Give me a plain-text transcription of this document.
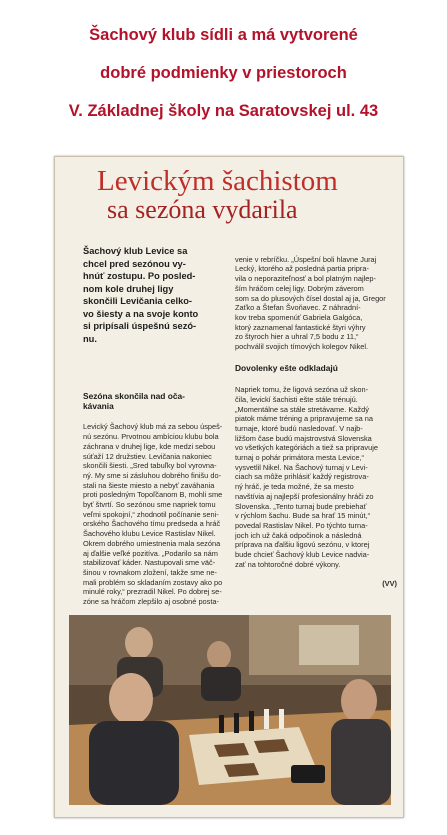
Šachový klub sídli a má vytvorené
dobré podmienky v priestoroch
V. Základnej školy na Saratovskej ul. 43
Levickým šachistom
sa sezóna vydarila
Šachový klub Levice sa
chcel pred sezónou vy-
hnúť zostupu. Po posled-
nom kole druhej ligy
skončili Levičania celko-
vo šiesty a na svoje konto
si pripísali úspešnú sezó-
nu.

Sezóna skončila nad oča-
kávania

Levický Šachový klub má za sebou úspeš-
nú sezónu. Prvotnou ambíciou klubu bola
záchrana v druhej lige, kde medzi sebou
súťaží 12 družstiev. Levičania nakoniec
skončili šiesti. „Sred tabuľky bol vyrovna-
ný. My sme si zásluhou dobrého finišu do-
stali na šieste miesto a nebyť zaváhania
proti posledným Topoľčanom B, mohli sme
byť štvrtí. So sezónou sme napriek tomu
veľmi spokojní,“ zhodnotil počínanie seni-
orského Šachového tímu predseda a hráč
Šachového klubu Levice Rastislav Nikel.
Okrem dobrého umiestnenia mala sezóna
aj ďalšie veľké pozitíva. „Podarilo sa nám
stabilizovať káder. Nastupovali sme väč-
šinou v rovnakom zložení, takže sme ne-
mali problém so skladaním zostavy ako po
minulé roky,“ prezradil Nikel. Po dobrej se-
zóne sa hráčom zlepšilo aj osobné posta-

venie v rebríčku. „Úspešní boli hlavne Juraj
Lecký, ktorého až posledná partia pripra-
vila o neporaziteľnosť a bol platným najlep-
ším hráčom celej ligy. Dobrým záverom
som sa do plusových čísel dostal aj ja, Gregor
Zaťko a Štefan Švoňavec. Z náhradní-
kov treba spomenúť Gabriela Galgóca,
ktorý zaznamenal fantastické štyri výhry
zo štyroch hier a uhral 7,5 bodu z 11,“
pochválil svojich tímových kolegov Nikel.

Dovolenky ešte odkladajú

Napriek tomu, že ligová sezóna už skon-
čila, levickí šachisti ešte stále trénujú.
„Momentálne sa stále stretávame. Každý
piatok máme tréning a pripravujeme sa na
turnaje, ktoré budú nasledovať. V najb-
ližšom čase budú majstrovstvá Slovenska
vo všetkých kategóriách a tiež sa pripravuje
turnaj o pohár primátora mesta Levice,“
vysvetlil Nikel. Na Šachový turnaj v Levi-
ciach sa môže prihlásiť každý registrova-
ný hráč, je teda možné, že sa mesto
navštívia aj najlepší profesionálny hráči zo
Slovenska. „Tento turnaj bude prebiehať
v rýchlom šachu. Bude sa hrať 15 minút,“
povedal Rastislav Nikel. Po týchto turna-
joch ich už čaká odpočinok a následná
prípravа na ďalšiu ligovú sezónu, v ktorej
bude chcieť Šachový klub Levice nadvia-
zať na tohtoročné dobré výkony.

(VV)
